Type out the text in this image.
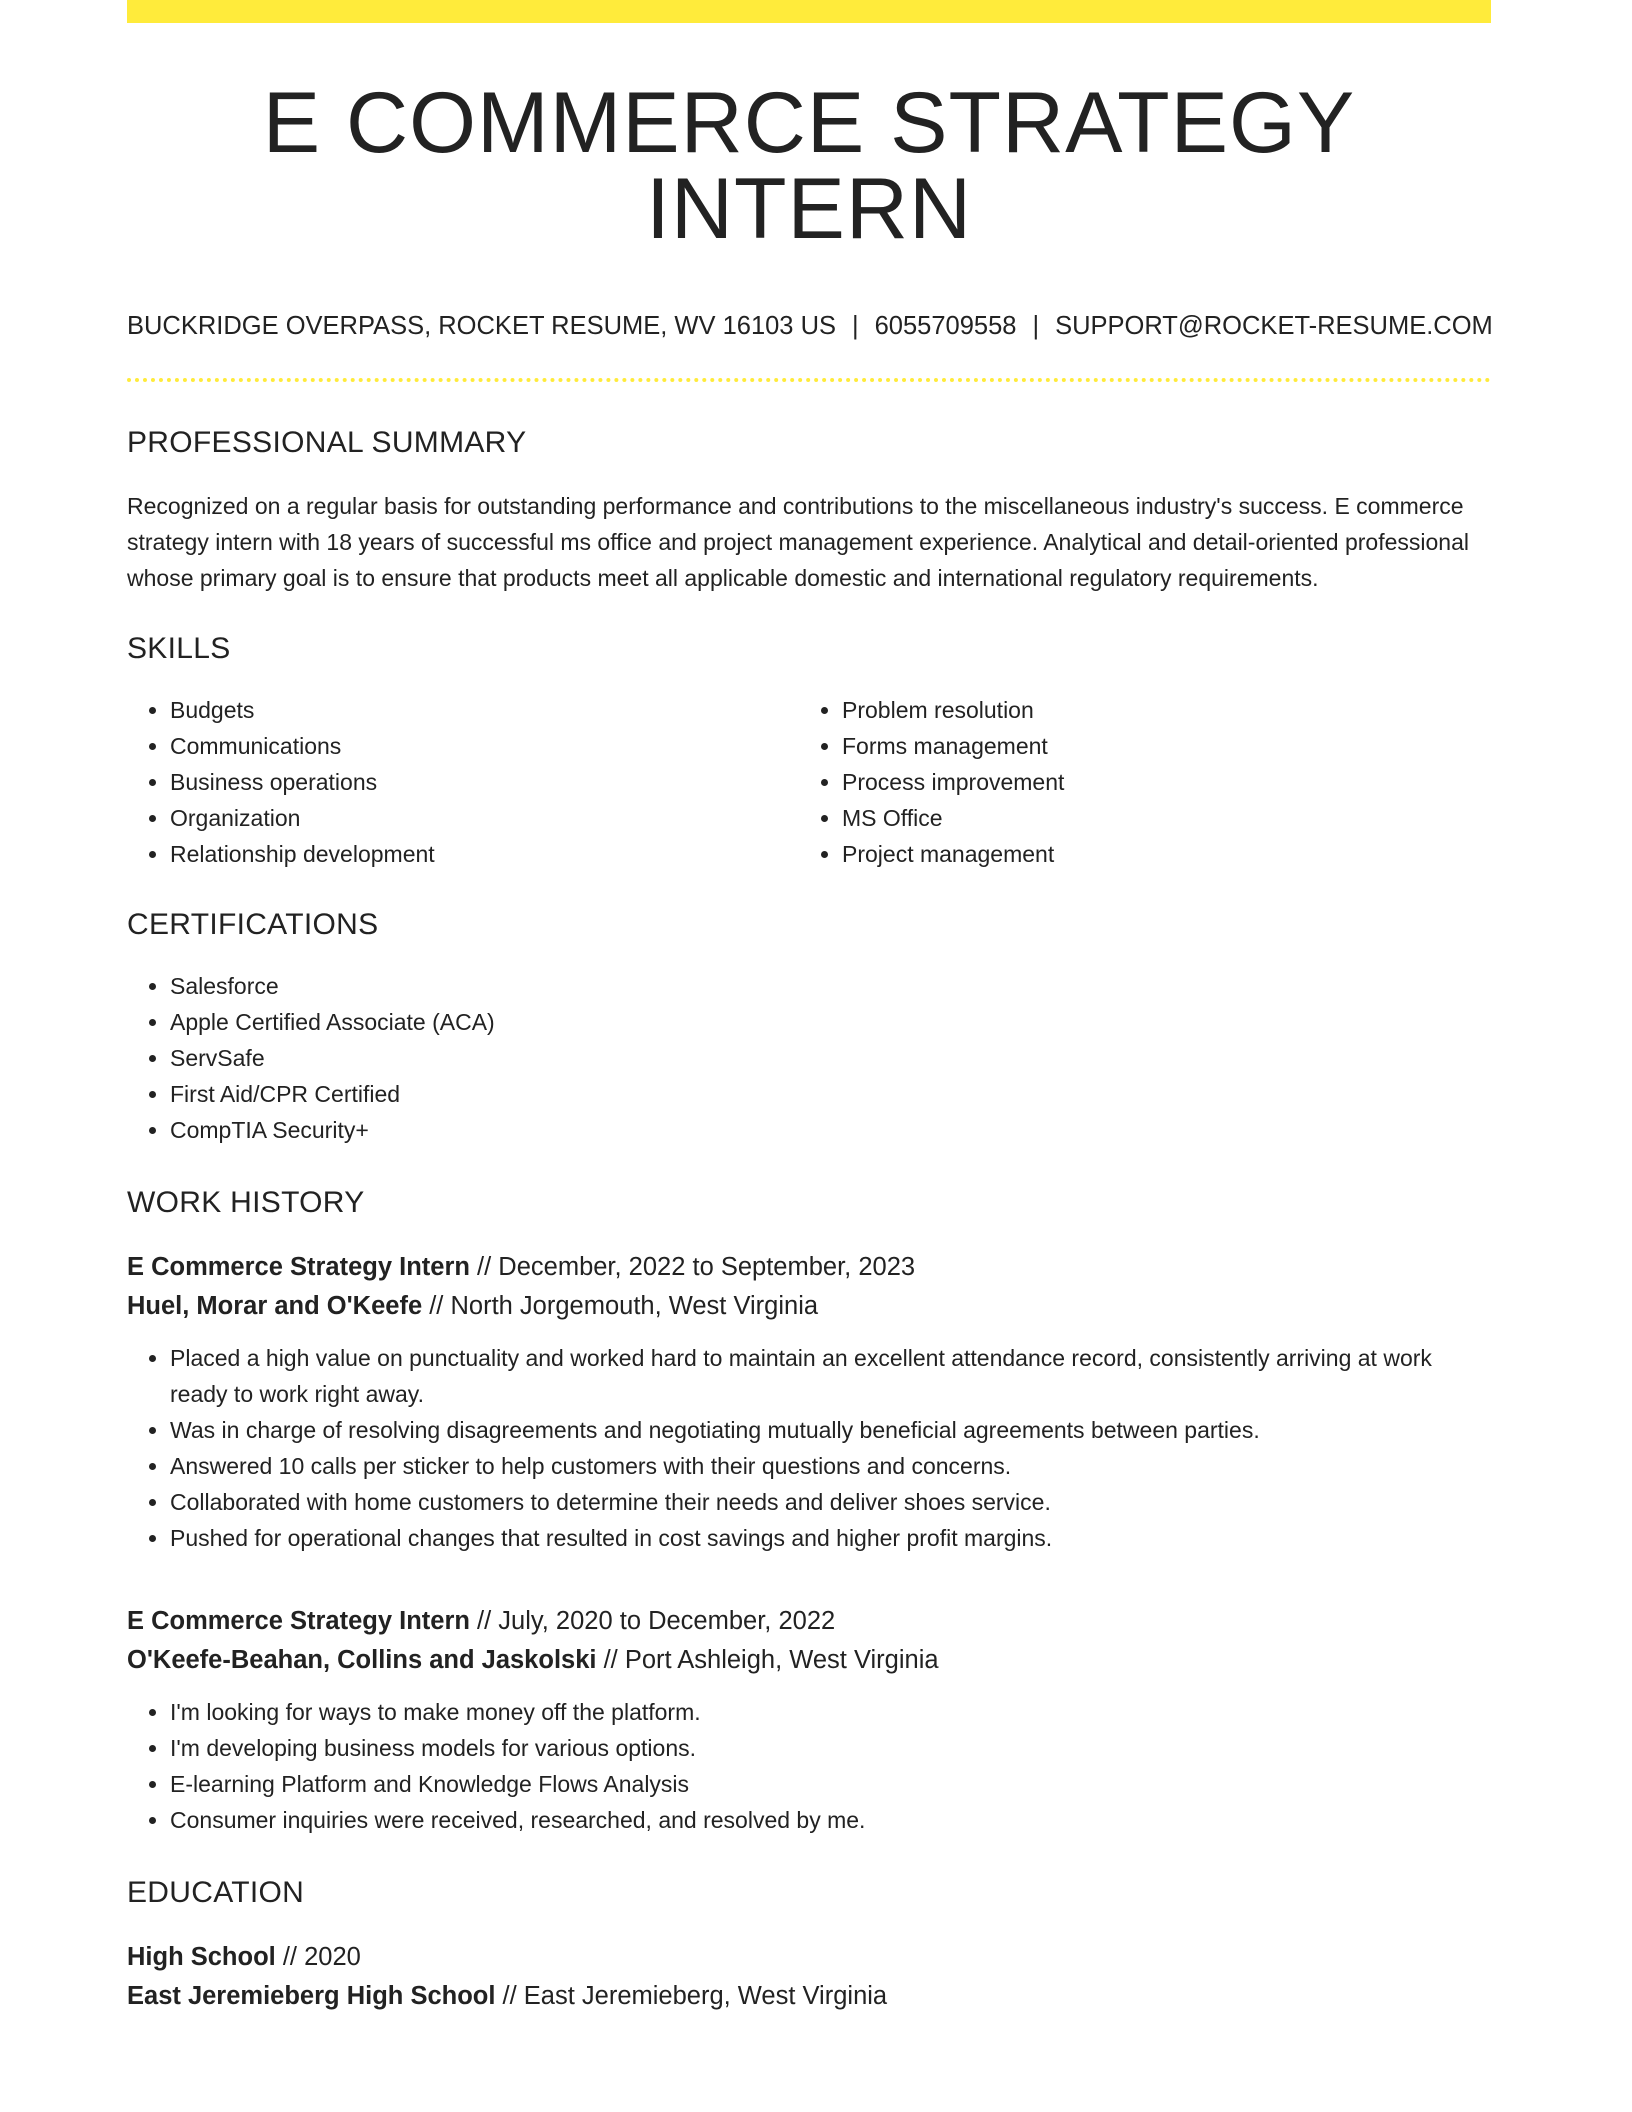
E COMMERCE STRATEGY INTERN
BUCKRIDGE OVERPASS, ROCKET RESUME, WV 16103 US | 6055709558 | SUPPORT@ROCKET-RESUME.COM
PROFESSIONAL SUMMARY

Recognized on a regular basis for outstanding performance and contributions to the miscellaneous industry's success. E commerce strategy intern with 18 years of successful ms office and project management experience. Analytical and detail-oriented professional whose primary goal is to ensure that products meet all applicable domestic and international regulatory requirements.

SKILLS
• Budgets
• Communications
• Business operations
• Organization
• Relationship development
• Problem resolution
• Forms management
• Process improvement
• MS Office
• Project management
CERTIFICATIONS
• Salesforce
• Apple Certified Associate (ACA)
• ServSafe
• First Aid/CPR Certified
• CompTIA Security+
WORK HISTORY
E Commerce Strategy Intern // December, 2022 to September, 2023
Huel, Morar and O'Keefe // North Jorgemouth, West Virginia
• Placed a high value on punctuality and worked hard to maintain an excellent attendance record, consistently arriving at work ready to work right away.
• Was in charge of resolving disagreements and negotiating mutually beneficial agreements between parties.
• Answered 10 calls per sticker to help customers with their questions and concerns.
• Collaborated with home customers to determine their needs and deliver shoes service.
• Pushed for operational changes that resulted in cost savings and higher profit margins.
E Commerce Strategy Intern // July, 2020 to December, 2022
O'Keefe-Beahan, Collins and Jaskolski // Port Ashleigh, West Virginia
• I'm looking for ways to make money off the platform.
• I'm developing business models for various options.
• E-learning Platform and Knowledge Flows Analysis
• Consumer inquiries were received, researched, and resolved by me.
EDUCATION
High School // 2020
East Jeremieberg High School // East Jeremieberg, West Virginia
